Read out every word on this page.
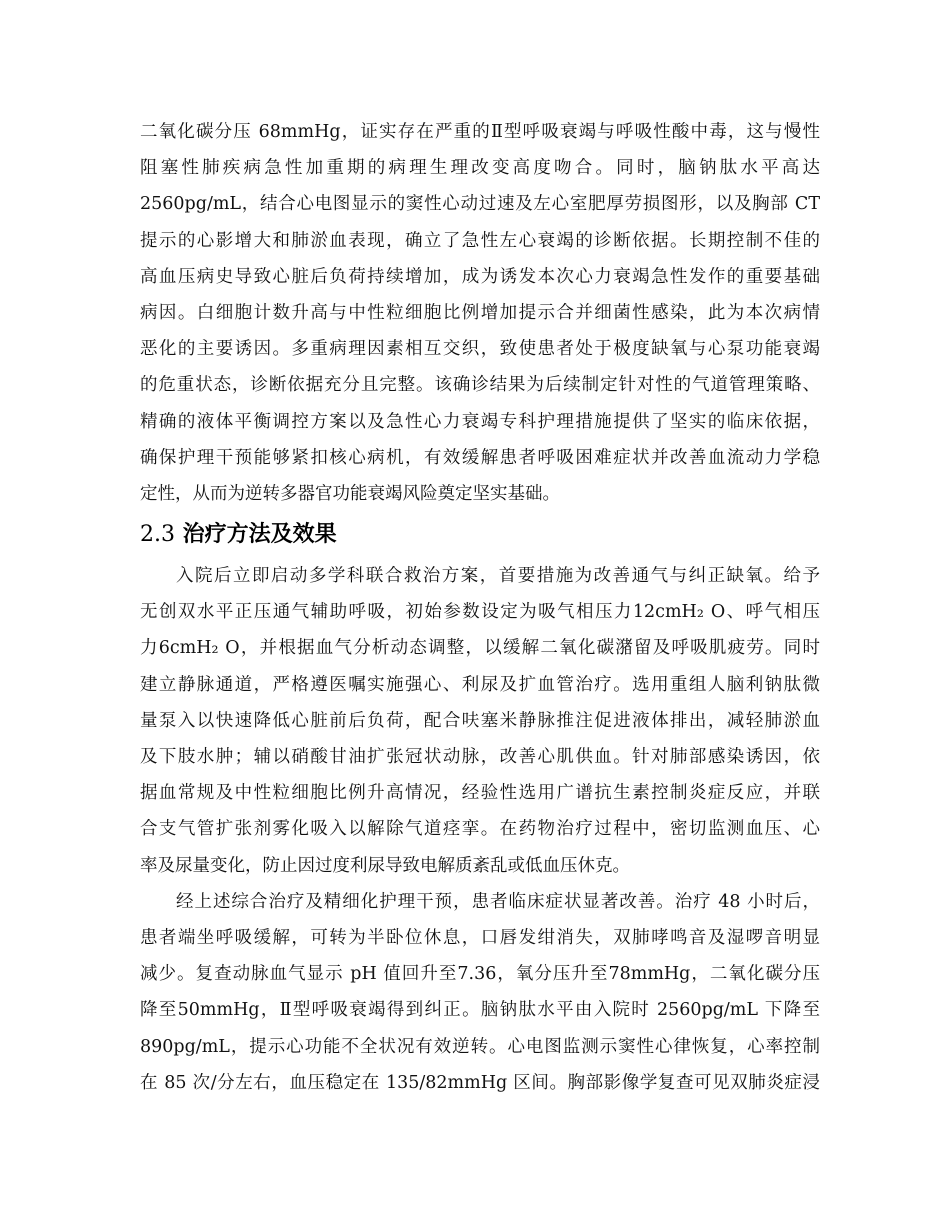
二氧化碳分压 68mmHg，证实存在严重的Ⅱ型呼吸衰竭与呼吸性酸中毒，这与慢性
阻塞性肺疾病急性加重期的病理生理改变高度吻合。同时，脑钠肽水平高达
2560pg/mL，结合心电图显示的窦性心动过速及左心室肥厚劳损图形，以及胸部 CT
提示的心影增大和肺淤血表现，确立了急性左心衰竭的诊断依据。长期控制不佳的
高血压病史导致心脏后负荷持续增加，成为诱发本次心力衰竭急性发作的重要基础
病因。白细胞计数升高与中性粒细胞比例增加提示合并细菌性感染，此为本次病情
恶化的主要诱因。多重病理因素相互交织，致使患者处于极度缺氧与心泵功能衰竭
的危重状态，诊断依据充分且完整。该确诊结果为后续制定针对性的气道管理策略、
精确的液体平衡调控方案以及急性心力衰竭专科护理措施提供了坚实的临床依据，
确保护理干预能够紧扣核心病机，有效缓解患者呼吸困难症状并改善血流动力学稳
定性，从而为逆转多器官功能衰竭风险奠定坚实基础。
2.3 治疗方法及效果
入院后立即启动多学科联合救治方案，首要措施为改善通气与纠正缺氧。给予
无创双水平正压通气辅助呼吸，初始参数设定为吸气相压力12cmH₂ O、呼气相压
力6cmH₂ O，并根据血气分析动态调整，以缓解二氧化碳潴留及呼吸肌疲劳。同时
建立静脉通道，严格遵医嘱实施强心、利尿及扩血管治疗。选用重组人脑利钠肽微
量泵入以快速降低心脏前后负荷，配合呋塞米静脉推注促进液体排出，减轻肺淤血
及下肢水肿；辅以硝酸甘油扩张冠状动脉，改善心肌供血。针对肺部感染诱因，依
据血常规及中性粒细胞比例升高情况，经验性选用广谱抗生素控制炎症反应，并联
合支气管扩张剂雾化吸入以解除气道痉挛。在药物治疗过程中，密切监测血压、心
率及尿量变化，防止因过度利尿导致电解质紊乱或低血压休克。
经上述综合治疗及精细化护理干预，患者临床症状显著改善。治疗 48 小时后，
患者端坐呼吸缓解，可转为半卧位休息，口唇发绀消失，双肺哮鸣音及湿啰音明显
减少。复查动脉血气显示 pH 值回升至7.36，氧分压升至78mmHg，二氧化碳分压
降至50mmHg，Ⅱ型呼吸衰竭得到纠正。脑钠肽水平由入院时 2560pg/mL 下降至
890pg/mL，提示心功能不全状况有效逆转。心电图监测示窦性心律恢复，心率控制
在 85 次/分左右，血压稳定在 135/82mmHg 区间。胸部影像学复查可见双肺炎症浸
